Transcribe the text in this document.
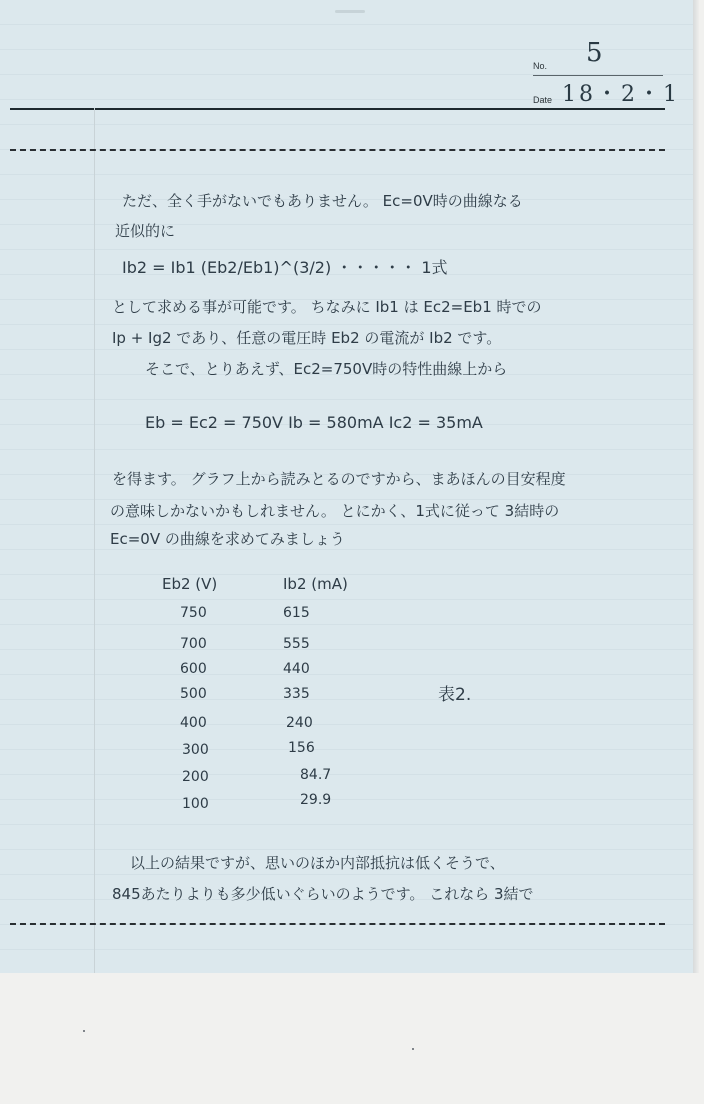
No. 5
Date 18・2・1
ただ、全く手がないでもありません。 Ec=0V時の曲線なる
近似的に
Ib2 = Ib1 (Eb2/Eb1)^(3/2) ・・・・・ 1式
として求める事が可能です。 ちなみに Ib1 は Ec2=Eb1 時での
Ip + Ig2 であり、任意の電圧時 Eb2 の電流が Ib2 です。
そこで、とりあえず、Ec2=750V時の特性曲線上から
Eb = Ec2 = 750V Ib = 580mA Ic2 = 35mA
を得ます。 グラフ上から読みとるのですから、まあほんの目安程度
の意味しかないかもしれません。 とにかく、1式に従って 3結時の
Ec=0V の曲線を求めてみましょう
Eb2 (V)	Ib2 (mA)
750	615
700	555
600	440
500	335
400	240
300	156
200	84.7
100	29.9
表2.
以上の結果ですが、思いのほか内部抵抗は低くそうで、
845あたりよりも多少低いぐらいのようです。 これなら 3結で
